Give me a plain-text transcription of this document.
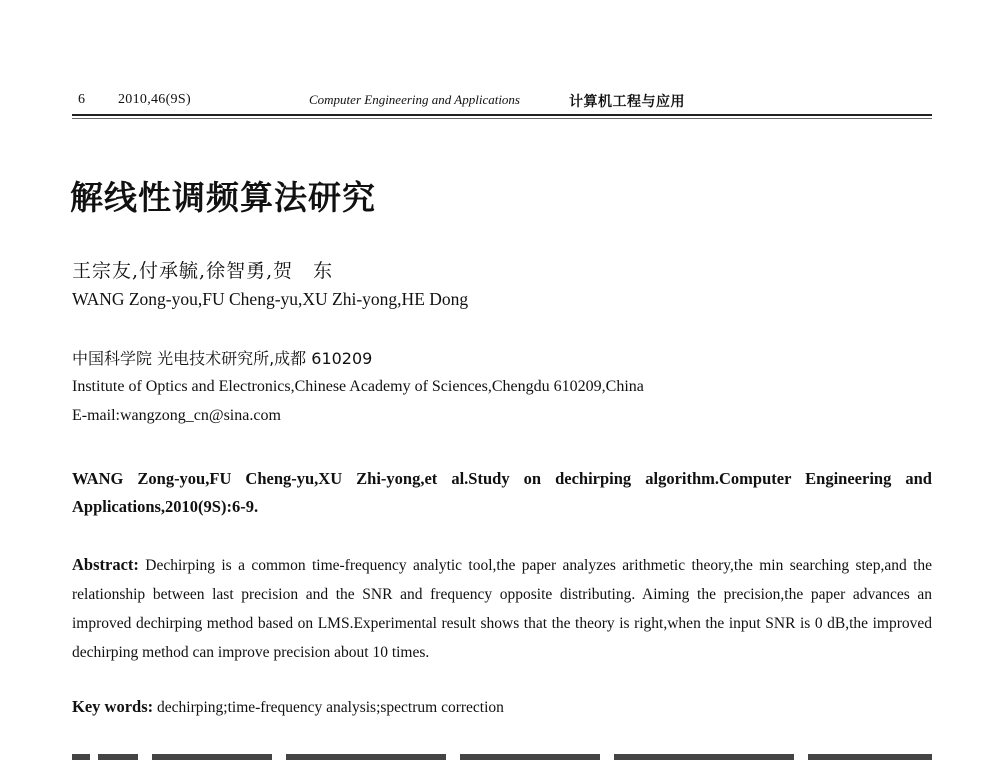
6 2010,46(9S)	Computer Engineering and Applications	计算机工程与应用
解线性调频算法研究
王宗友,付承毓,徐智勇,贺　东
WANG Zong-you,FU Cheng-yu,XU Zhi-yong,HE Dong
中国科学院 光电技术研究所,成都 610209
Institute of Optics and Electronics,Chinese Academy of Sciences,Chengdu 610209,China
E-mail:wangzong_cn@sina.com
WANG Zong-you,FU Cheng-yu,XU Zhi-yong,et al.Study on dechirping algorithm.Computer Engineering and Applications,2010(9S):6-9.
Abstract: Dechirping is a common time-frequency analytic tool,the paper analyzes arithmetic theory,the min searching step,and the relationship between last precision and the SNR and frequency opposite distributing. Aiming the precision,the paper advances an improved dechirping method based on LMS.Experimental result shows that the theory is right,when the input SNR is 0 dB,the improved dechirping method can improve precision about 10 times.
Key words: dechirping;time-frequency analysis;spectrum correction
